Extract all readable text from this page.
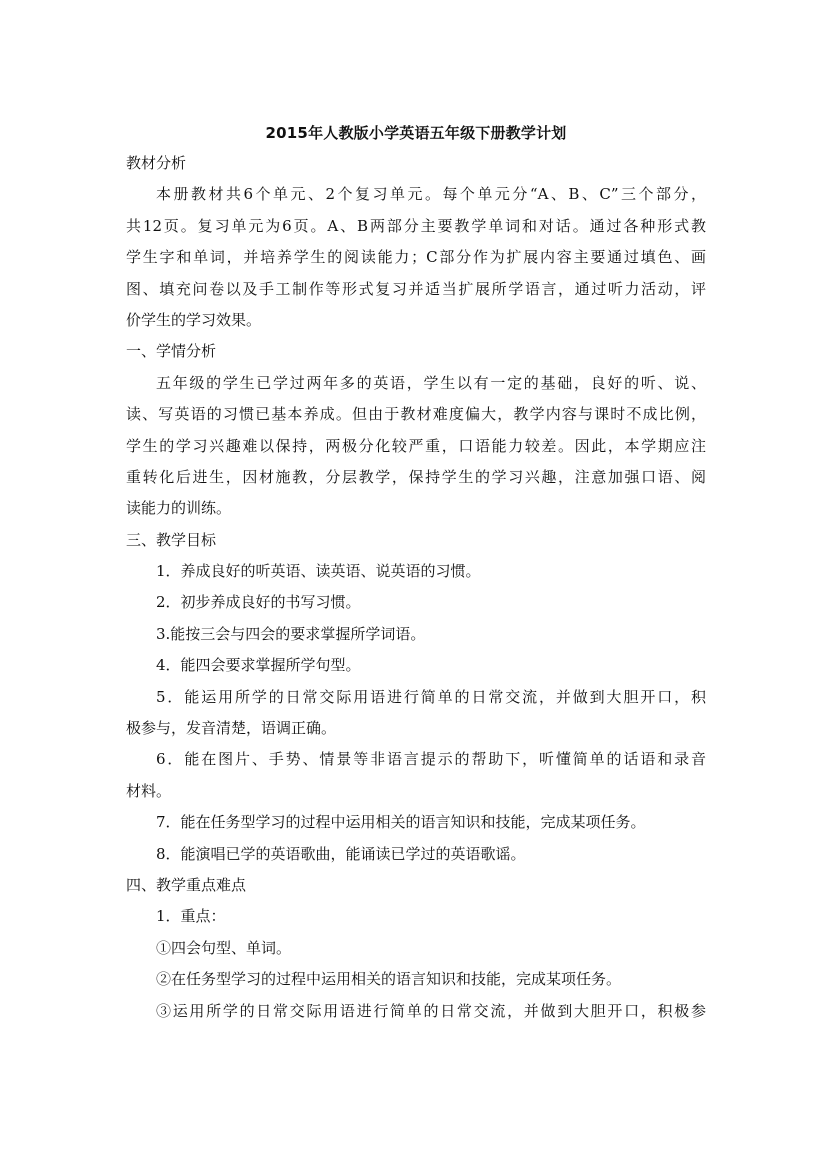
2015年人教版小学英语五年级下册教学计划
教材分析
本册教材共6个单元、2个复习单元。每个单元分“A、B、C”三个部分，
共12页。复习单元为6页。A、B两部分主要教学单词和对话。通过各种形式教
学生字和单词，并培养学生的阅读能力；C部分作为扩展内容主要通过填色、画
图、填充问卷以及手工制作等形式复习并适当扩展所学语言，通过听力活动，评
价学生的学习效果。
一、学情分析
五年级的学生已学过两年多的英语，学生以有一定的基础，良好的听、说、
读、写英语的习惯已基本养成。但由于教材难度偏大，教学内容与课时不成比例，
学生的学习兴趣难以保持，两极分化较严重，口语能力较差。因此，本学期应注
重转化后进生，因材施教，分层教学，保持学生的学习兴趣，注意加强口语、阅
读能力的训练。
三、教学目标
1．养成良好的听英语、读英语、说英语的习惯。
2．初步养成良好的书写习惯。
3.能按三会与四会的要求掌握所学词语。
4．能四会要求掌握所学句型。
5．能运用所学的日常交际用语进行简单的日常交流，并做到大胆开口，积
极参与，发音清楚，语调正确。
6．能在图片、手势、情景等非语言提示的帮助下，听懂简单的话语和录音
材料。
7．能在任务型学习的过程中运用相关的语言知识和技能，完成某项任务。
8．能演唱已学的英语歌曲，能诵读已学过的英语歌谣。
四、教学重点难点
1．重点：
①四会句型、单词。
②在任务型学习的过程中运用相关的语言知识和技能，完成某项任务。
③运用所学的日常交际用语进行简单的日常交流，并做到大胆开口，积极参
